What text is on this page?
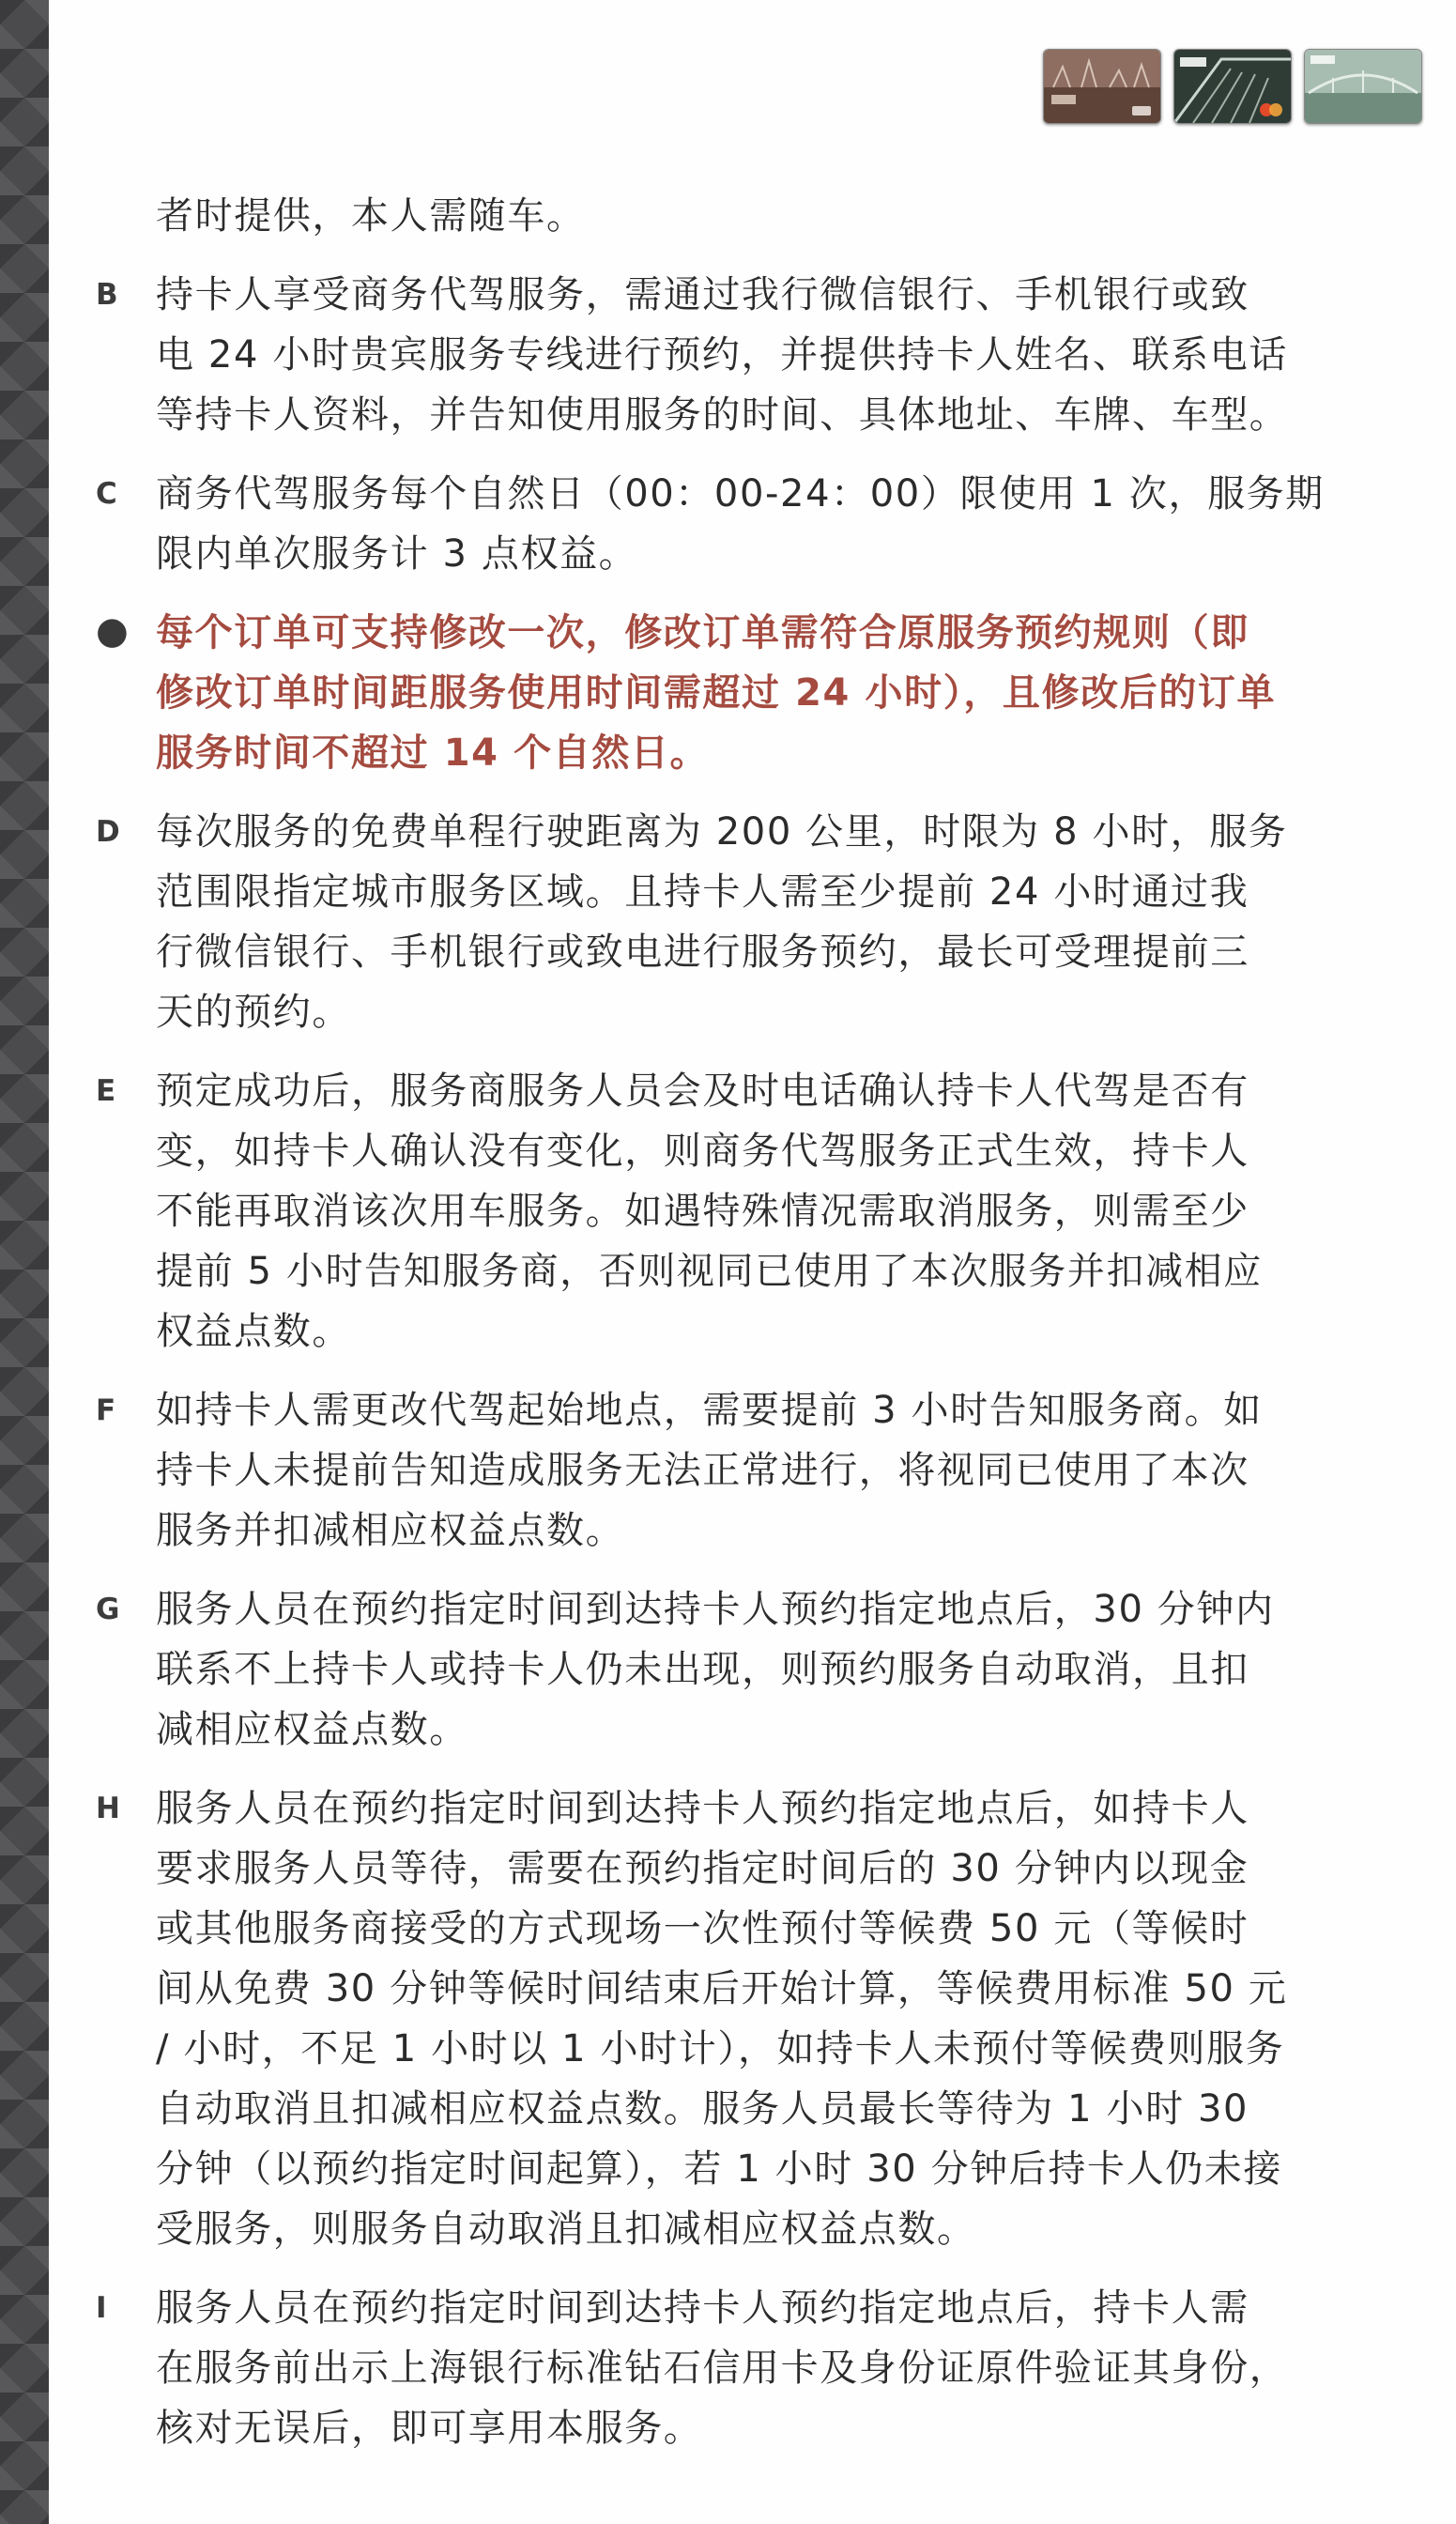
者时提供，本人需随车。
B 持卡人享受商务代驾服务，需通过我行微信银行、手机银行或致
电 24 小时贵宾服务专线进行预约，并提供持卡人姓名、联系电话
等持卡人资料，并告知使用服务的时间、具体地址、车牌、车型。
C 商务代驾服务每个自然日（00：00-24：00）限使用 1 次，服务期
限内单次服务计 3 点权益。
● 每个订单可支持修改一次，修改订单需符合原服务预约规则（即
修改订单时间距服务使用时间需超过 24 小时），且修改后的订单
服务时间不超过 14 个自然日。
D 每次服务的免费单程行驶距离为 200 公里，时限为 8 小时，服务
范围限指定城市服务区域。且持卡人需至少提前 24 小时通过我
行微信银行、手机银行或致电进行服务预约，最长可受理提前三
天的预约。
E 预定成功后，服务商服务人员会及时电话确认持卡人代驾是否有
变，如持卡人确认没有变化，则商务代驾服务正式生效，持卡人
不能再取消该次用车服务。如遇特殊情况需取消服务，则需至少
提前 5 小时告知服务商，否则视同已使用了本次服务并扣减相应
权益点数。
F 如持卡人需更改代驾起始地点，需要提前 3 小时告知服务商。如
持卡人未提前告知造成服务无法正常进行，将视同已使用了本次
服务并扣减相应权益点数。
G 服务人员在预约指定时间到达持卡人预约指定地点后，30 分钟内
联系不上持卡人或持卡人仍未出现，则预约服务自动取消，且扣
减相应权益点数。
H 服务人员在预约指定时间到达持卡人预约指定地点后，如持卡人
要求服务人员等待，需要在预约指定时间后的 30 分钟内以现金
或其他服务商接受的方式现场一次性预付等候费 50 元（等候时
间从免费 30 分钟等候时间结束后开始计算，等候费用标准 50 元
/ 小时，不足 1 小时以 1 小时计），如持卡人未预付等候费则服务
自动取消且扣减相应权益点数。服务人员最长等待为 1 小时 30
分钟（以预约指定时间起算），若 1 小时 30 分钟后持卡人仍未接
受服务，则服务自动取消且扣减相应权益点数。
I 服务人员在预约指定时间到达持卡人预约指定地点后，持卡人需
在服务前出示上海银行标准钻石信用卡及身份证原件验证其身份，
核对无误后，即可享用本服务。
